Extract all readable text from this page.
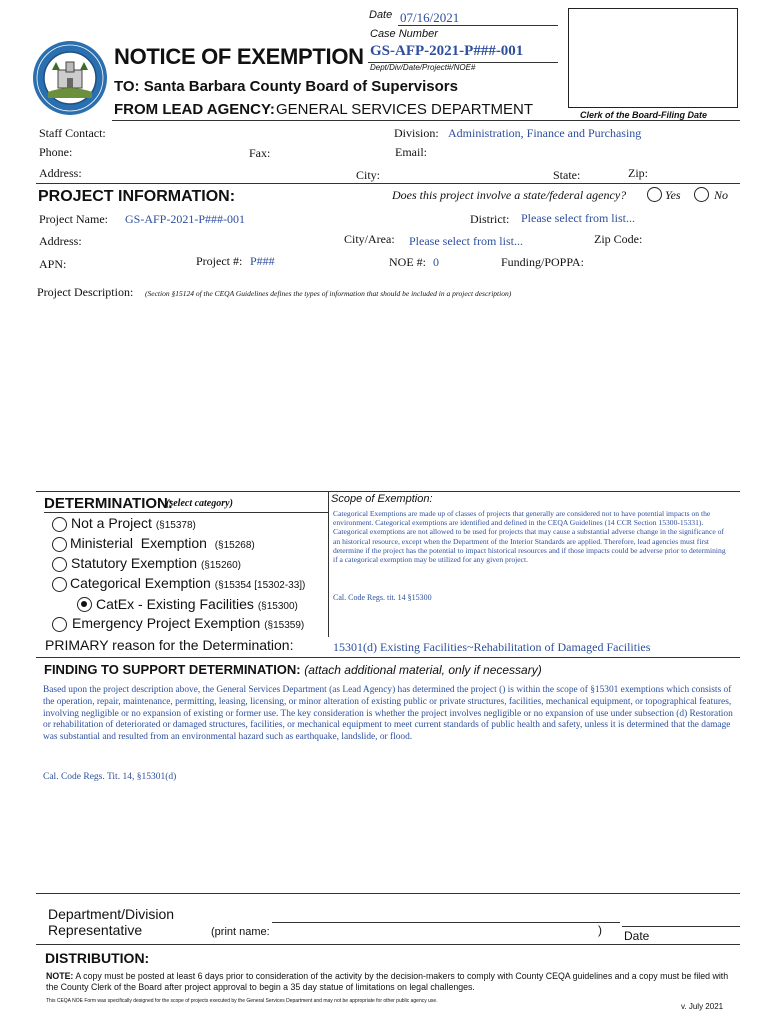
Date 07/16/2021
Case Number
NOTICE OF EXEMPTION GS-AFP-2021-P###-001
Dept/Div/Date/Project#/NOE#
Clerk of the Board-Filing Date
TO: Santa Barbara County Board of Supervisors
FROM LEAD AGENCY: GENERAL SERVICES DEPARTMENT
Staff Contact:	Division: Administration, Finance and Purchasing
Phone:	Fax:	Email:
Address:	City:	State:	Zip:
PROJECT INFORMATION:	Does this project involve a state/federal agency?	Yes	No
Project Name: GS-AFP-2021-P###-001	District: Please select from list...
Address:	City/Area: Please select from list...	Zip Code:
APN:	Project #: P###	NOE #: 0	Funding/POPPA:
Project Description: (Section §15124 of the CEQA Guidelines defines the types of information that should be included in a project description)
DETERMINATION:
(select category)
Not a Project (§15378)
Ministerial  Exemption (§15268)
Statutory Exemption (§15260)
Categorical Exemption (§15354 [15302-33])
CatEx - Existing Facilities (§15300)
Emergency Project Exemption (§15359)
Scope of Exemption:
Categorical Exemptions are made up of classes of projects that generally are considered not to have potential impacts on the environment. Categorical exemptions are identified and defined in the CEQA Guidelines (14 CCR Section 15300-15331). Categorical exemptions are not allowed to be used for projects that may cause a substantial adverse change in the significance of an historical resource, except when the Department of the Interior Standards are applied. Therefore, lead agencies must first determine if the project has the potential to impact historical resources and if those impacts could be adverse prior to determining if a categorical exemption may be utilized for any given project.
Cal. Code Regs. tit. 14 §15300
PRIMARY reason for the Determination:	15301(d) Existing Facilities~Rehabilitation of Damaged Facilities
FINDING TO SUPPORT DETERMINATION: (attach additional material, only if necessary)
Based upon the project description above, the General Services Department (as Lead Agency) has determined the project () is within the scope of §15301 exemptions which consists of the operation, repair, maintenance, permitting, leasing, licensing, or minor alteration of existing public or private structures, facilities, mechanical equipment, or topographical features, involving negligible or no expansion of existing or former use. The key consideration is whether the project involves negligible or no expansion of use under subsection (d) Restoration or rehabilitation of deteriorated or damaged structures, facilities, or mechanical equipment to meet current standards of public health and safety, unless it is determined that the damage was substantial and resulted from an environmental hazard such as earthquake, landslide, or flood.
Cal. Code Regs. Tit. 14, §15301(d)
Department/Division
Representative	(print name:	) Date
DISTRIBUTION:
NOTE: A copy must be posted at least 6 days prior to consideration of the activity by the decision-makers to comply with County CEQA guidelines and a copy must be filed with the County Clerk of the Board after project approval to begin a 35 day statue of limitations on legal challenges.
This CEQA NOE Form was specifically designed for the scope of projects executed by the General Services Department and may not be appropriate for other public agency use.
v. July 2021
